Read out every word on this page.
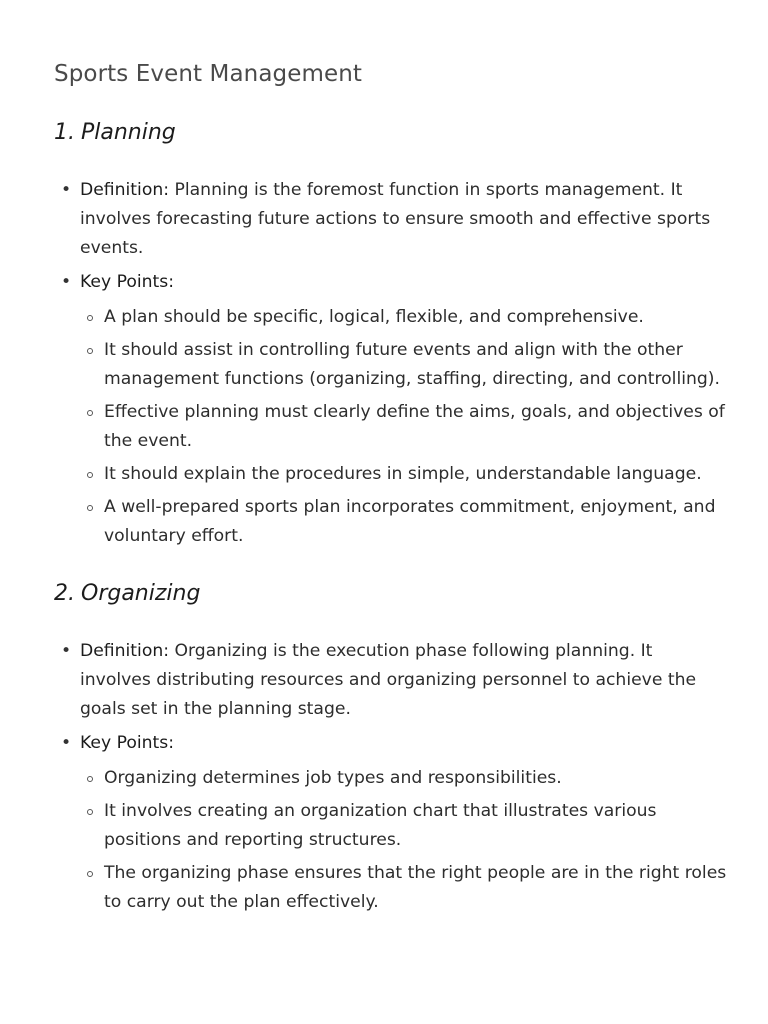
Sports Event Management
1. Planning
• Definition: Planning is the foremost function in sports management. It involves forecasting future actions to ensure smooth and effective sports events.
• Key Points:
A plan should be specific, logical, flexible, and comprehensive.
It should assist in controlling future events and align with the other management functions (organizing, staffing, directing, and controlling).
Effective planning must clearly define the aims, goals, and objectives of the event.
It should explain the procedures in simple, understandable language.
A well-prepared sports plan incorporates commitment, enjoyment, and voluntary effort.
2. Organizing
• Definition: Organizing is the execution phase following planning. It involves distributing resources and organizing personnel to achieve the goals set in the planning stage.
• Key Points:
Organizing determines job types and responsibilities.
It involves creating an organization chart that illustrates various positions and reporting structures.
The organizing phase ensures that the right people are in the right roles to carry out the plan effectively.
